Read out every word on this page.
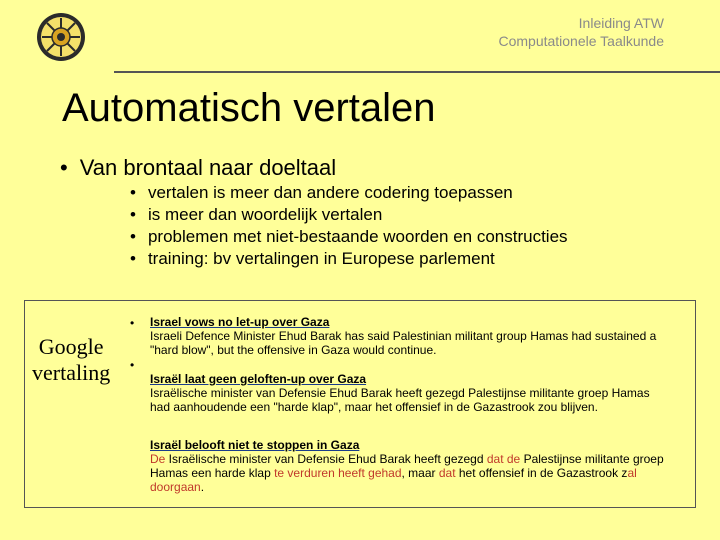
Inleiding ATW
Computationele Taalkunde
Automatisch vertalen
• Van brontaal naar doeltaal
• vertalen is meer dan andere codering toepassen
• is meer dan woordelijk vertalen
• problemen met niet-bestaande woorden en constructies
• training: bv vertalingen in Europese parlement
Google
vertaling
•
•
Israel vows no let-up over Gaza
Israeli Defence Minister Ehud Barak has said Palestinian militant group Hamas had sustained a "hard blow", but the offensive in Gaza would continue.
Israël laat geen geloften-up over Gaza
Israëlische minister van Defensie Ehud Barak heeft gezegd Palestijnse militante groep Hamas had aanhoudende een "harde klap", maar het offensief in de Gazastrook zou blijven.
Israël belooft niet te stoppen in Gaza
De Israëlische minister van Defensie Ehud Barak heeft gezegd dat de Palestijnse militante groep Hamas een harde klap te verduren heeft gehad, maar dat het offensief in de Gazastrook zal doorgaan.
